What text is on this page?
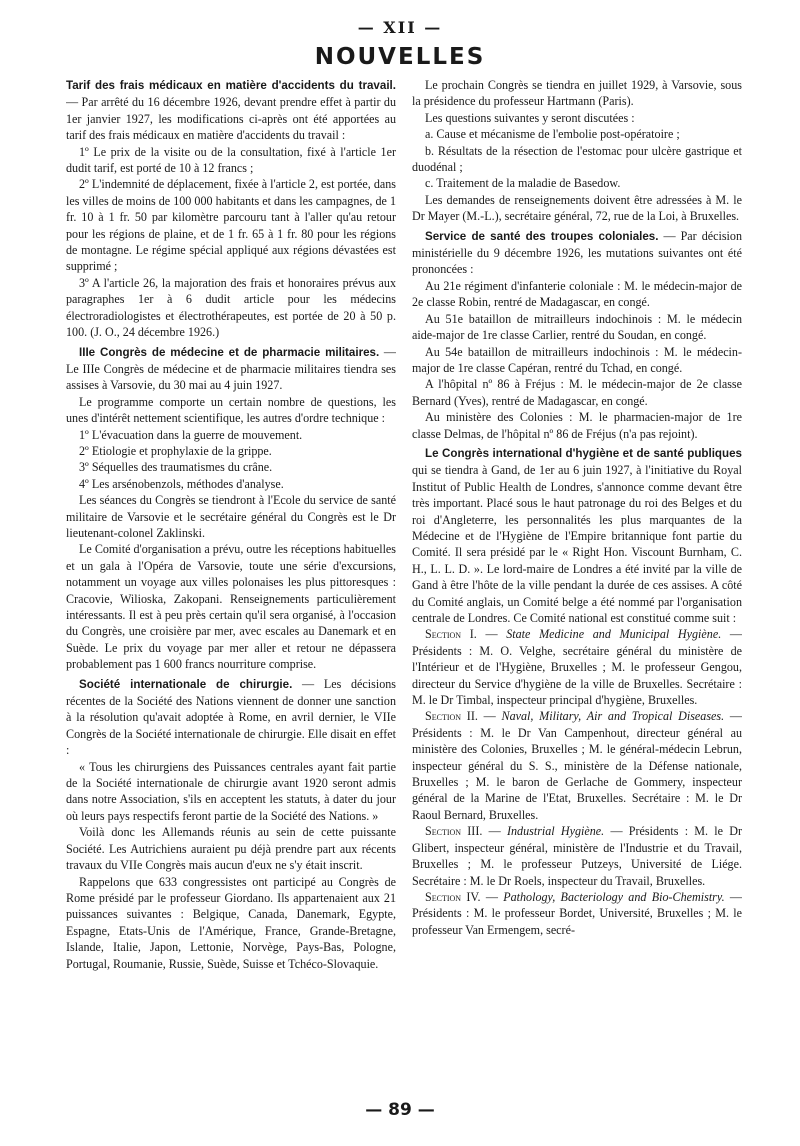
— XII —
NOUVELLES

Tarif des frais médicaux en matière d'accidents du travail. — Par arrêté du 16 décembre 1926, devant prendre effet à partir du 1er janvier 1927, les modifications ci-après ont été apportées au tarif des frais médicaux en matière d'accidents du travail :

1º Le prix de la visite ou de la consultation, fixé à l'article 1er dudit tarif, est porté de 10 à 12 francs ;

2º L'indemnité de déplacement, fixée à l'article 2, est portée, dans les villes de moins de 100 000 habitants et dans les campagnes, de 1 fr. 10 à 1 fr. 50 par kilomètre parcouru tant à l'aller qu'au retour pour les régions de plaine, et de 1 fr. 65 à 1 fr. 80 pour les régions de montagne. Le régime spécial appliqué aux régions dévastées est supprimé ;

3º A l'article 26, la majoration des frais et honoraires prévus aux paragraphes 1er à 6 dudit article pour les médecins électroradiologistes et électrothérapeutes, est portée de 20 à 50 p. 100. (J. O., 24 décembre 1926.)

IIIe Congrès de médecine et de pharmacie militaires. — Le IIIe Congrès de médecine et de pharmacie militaires tiendra ses assises à Varsovie, du 30 mai au 4 juin 1927.

Le programme comporte un certain nombre de questions, les unes d'intérêt nettement scientifique, les autres d'ordre technique :

1º L'évacuation dans la guerre de mouvement.

2º Etiologie et prophylaxie de la grippe.

3º Séquelles des traumatismes du crâne.

4º Les arsénobenzols, méthodes d'analyse.

Les séances du Congrès se tiendront à l'Ecole du service de santé militaire de Varsovie et le secrétaire général du Congrès est le Dr lieutenant-colonel Zaklinski.

Le Comité d'organisation a prévu, outre les réceptions habituelles et un gala à l'Opéra de Varsovie, toute une série d'excursions, notamment un voyage aux villes polonaises les plus pittoresques : Cracovie, Wilioska, Zakopani. Renseignements particulièrement intéressants. Il est à peu près certain qu'il sera organisé, à l'occasion du Congrès, une croisière par mer, avec escales au Danemark et en Suède. Le prix du voyage par mer aller et retour ne dépassera probablement pas 1 600 francs nourriture comprise.

Société internationale de chirurgie. — Les décisions récentes de la Société des Nations viennent de donner une sanction à la résolution qu'avait adoptée à Rome, en avril dernier, le VIIe Congrès de la Société internationale de chirurgie. Elle disait en effet :

« Tous les chirurgiens des Puissances centrales ayant fait partie de la Société internationale de chirurgie avant 1920 seront admis dans notre Association, s'ils en acceptent les statuts, à dater du jour où leurs pays respectifs feront partie de la Société des Nations. »

Voilà donc les Allemands réunis au sein de cette puissante Société. Les Autrichiens auraient pu déjà prendre part aux récents travaux du VIIe Congrès mais aucun d'eux ne s'y était inscrit.

Rappelons que 633 congressistes ont participé au Congrès de Rome présidé par le professeur Giordano. Ils appartenaient aux 21 puissances suivantes : Belgique, Canada, Danemark, Egypte, Espagne, Etats-Unis de l'Amérique, France, Grande-Bretagne, Islande, Italie, Japon, Lettonie, Norvège, Pays-Bas, Pologne, Portugal, Roumanie, Russie, Suède, Suisse et Tchéco-Slovaquie.

Le prochain Congrès se tiendra en juillet 1929, à Varsovie, sous la présidence du professeur Hartmann (Paris).

Les questions suivantes y seront discutées :

a. Cause et mécanisme de l'embolie post-opératoire ;

b. Résultats de la résection de l'estomac pour ulcère gastrique et duodénal ;

c. Traitement de la maladie de Basedow.

Les demandes de renseignements doivent être adressées à M. le Dr Mayer (M.-L.), secrétaire général, 72, rue de la Loi, à Bruxelles.

Service de santé des troupes coloniales. — Par décision ministérielle du 9 décembre 1926, les mutations suivantes ont été prononcées :

Au 21e régiment d'infanterie coloniale : M. le médecin-major de 2e classe Robin, rentré de Madagascar, en congé.

Au 51e bataillon de mitrailleurs indochinois : M. le médecin aide-major de 1re classe Carlier, rentré du Soudan, en congé.

Au 54e bataillon de mitrailleurs indochinois : M. le médecin-major de 1re classe Capéran, rentré du Tchad, en congé.

A l'hôpital nº 86 à Fréjus : M. le médecin-major de 2e classe Bernard (Yves), rentré de Madagascar, en congé.

Au ministère des Colonies : M. le pharmacien-major de 1re classe Delmas, de l'hôpital nº 86 de Fréjus (n'a pas rejoint).

Le Congrès international d'hygiène et de santé publiques qui se tiendra à Gand, de 1er au 6 juin 1927, à l'initiative du Royal Institut of Public Health de Londres, s'annonce comme devant être très important. Placé sous le haut patronage du roi des Belges et du roi d'Angleterre, les personnalités les plus marquantes de la Médecine et de l'Hygiène de l'Empire britannique font partie du Comité. Il sera présidé par le « Right Hon. Viscount Burnham, C. H., L. L. D. ». Le lord-maire de Londres a été invité par la ville de Gand à être l'hôte de la ville pendant la durée de ces assises. A côté du Comité anglais, un Comité belge a été nommé par l'organisation centrale de Londres. Ce Comité national est constitué comme suit :

Section I. — State Medicine and Municipal Hygiène. — Présidents : M. O. Velghe, secrétaire général du ministère de l'Intérieur et de l'Hygiène, Bruxelles ; M. le professeur Gengou, directeur du Service d'hygiène de la ville de Bruxelles. Secrétaire : M. le Dr Timbal, inspecteur principal d'hygiène, Bruxelles.

Section II. — Naval, Military, Air and Tropical Diseases. — Présidents : M. le Dr Van Campenhout, directeur général au ministère des Colonies, Bruxelles ; M. le général-médecin Lebrun, inspecteur général du S. S., ministère de la Défense nationale, Bruxelles ; M. le baron de Gerlache de Gommery, inspecteur général de la Marine de l'Etat, Bruxelles. Secrétaire : M. le Dr Raoul Bernard, Bruxelles.

Section III. — Industrial Hygiène. — Présidents : M. le Dr Glibert, inspecteur général, ministère de l'Industrie et du Travail, Bruxelles ; M. le professeur Putzeys, Université de Liége. Secrétaire : M. le Dr Roels, inspecteur du Travail, Bruxelles.

Section IV. — Pathology, Bacteriology and Bio-Chemistry. — Présidents : M. le professeur Bordet, Université, Bruxelles ; M. le professeur Van Ermengem, secré-

— 89 —
